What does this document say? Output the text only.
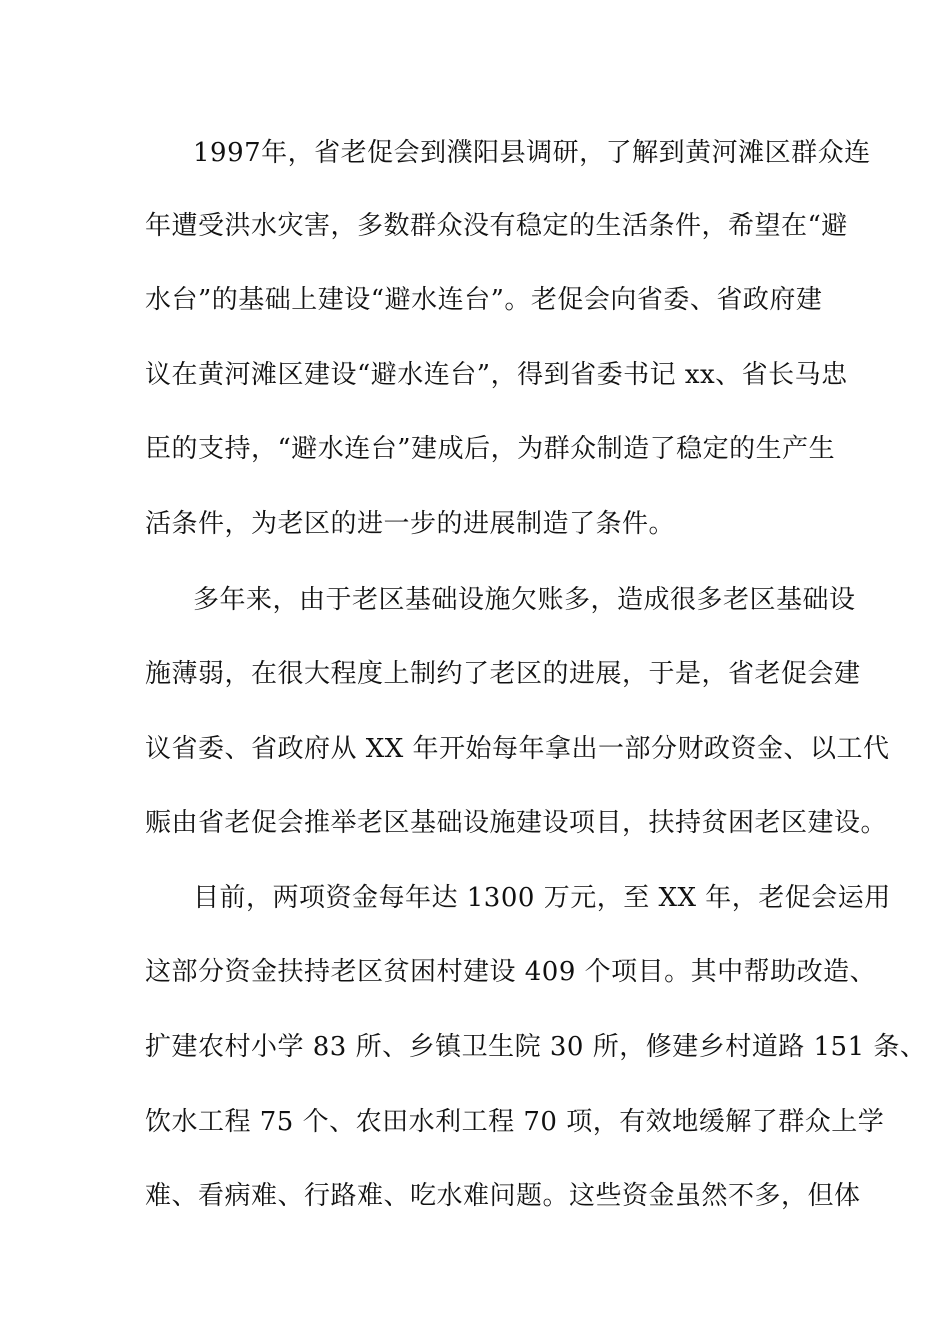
1997年，省老促会到濮阳县调研，了解到黄河滩区群众连
年遭受洪水灾害，多数群众没有稳定的生活条件，希望在“避
水台”的基础上建设“避水连台”。老促会向省委、省政府建
议在黄河滩区建设“避水连台”，得到省委书记 xx、省长马忠
臣的支持，“避水连台”建成后，为群众制造了稳定的生产生
活条件，为老区的进一步的进展制造了条件。
多年来，由于老区基础设施欠账多，造成很多老区基础设
施薄弱，在很大程度上制约了老区的进展，于是，省老促会建
议省委、省政府从 XX 年开始每年拿出一部分财政资金、以工代
赈由省老促会推举老区基础设施建设项目，扶持贫困老区建设。
目前，两项资金每年达 1300 万元，至 XX 年，老促会运用
这部分资金扶持老区贫困村建设 409 个项目。其中帮助改造、
扩建农村小学 83 所、乡镇卫生院 30 所，修建乡村道路 151 条、
饮水工程 75 个、农田水利工程 70 项，有效地缓解了群众上学
难、看病难、行路难、吃水难问题。这些资金虽然不多，但体
